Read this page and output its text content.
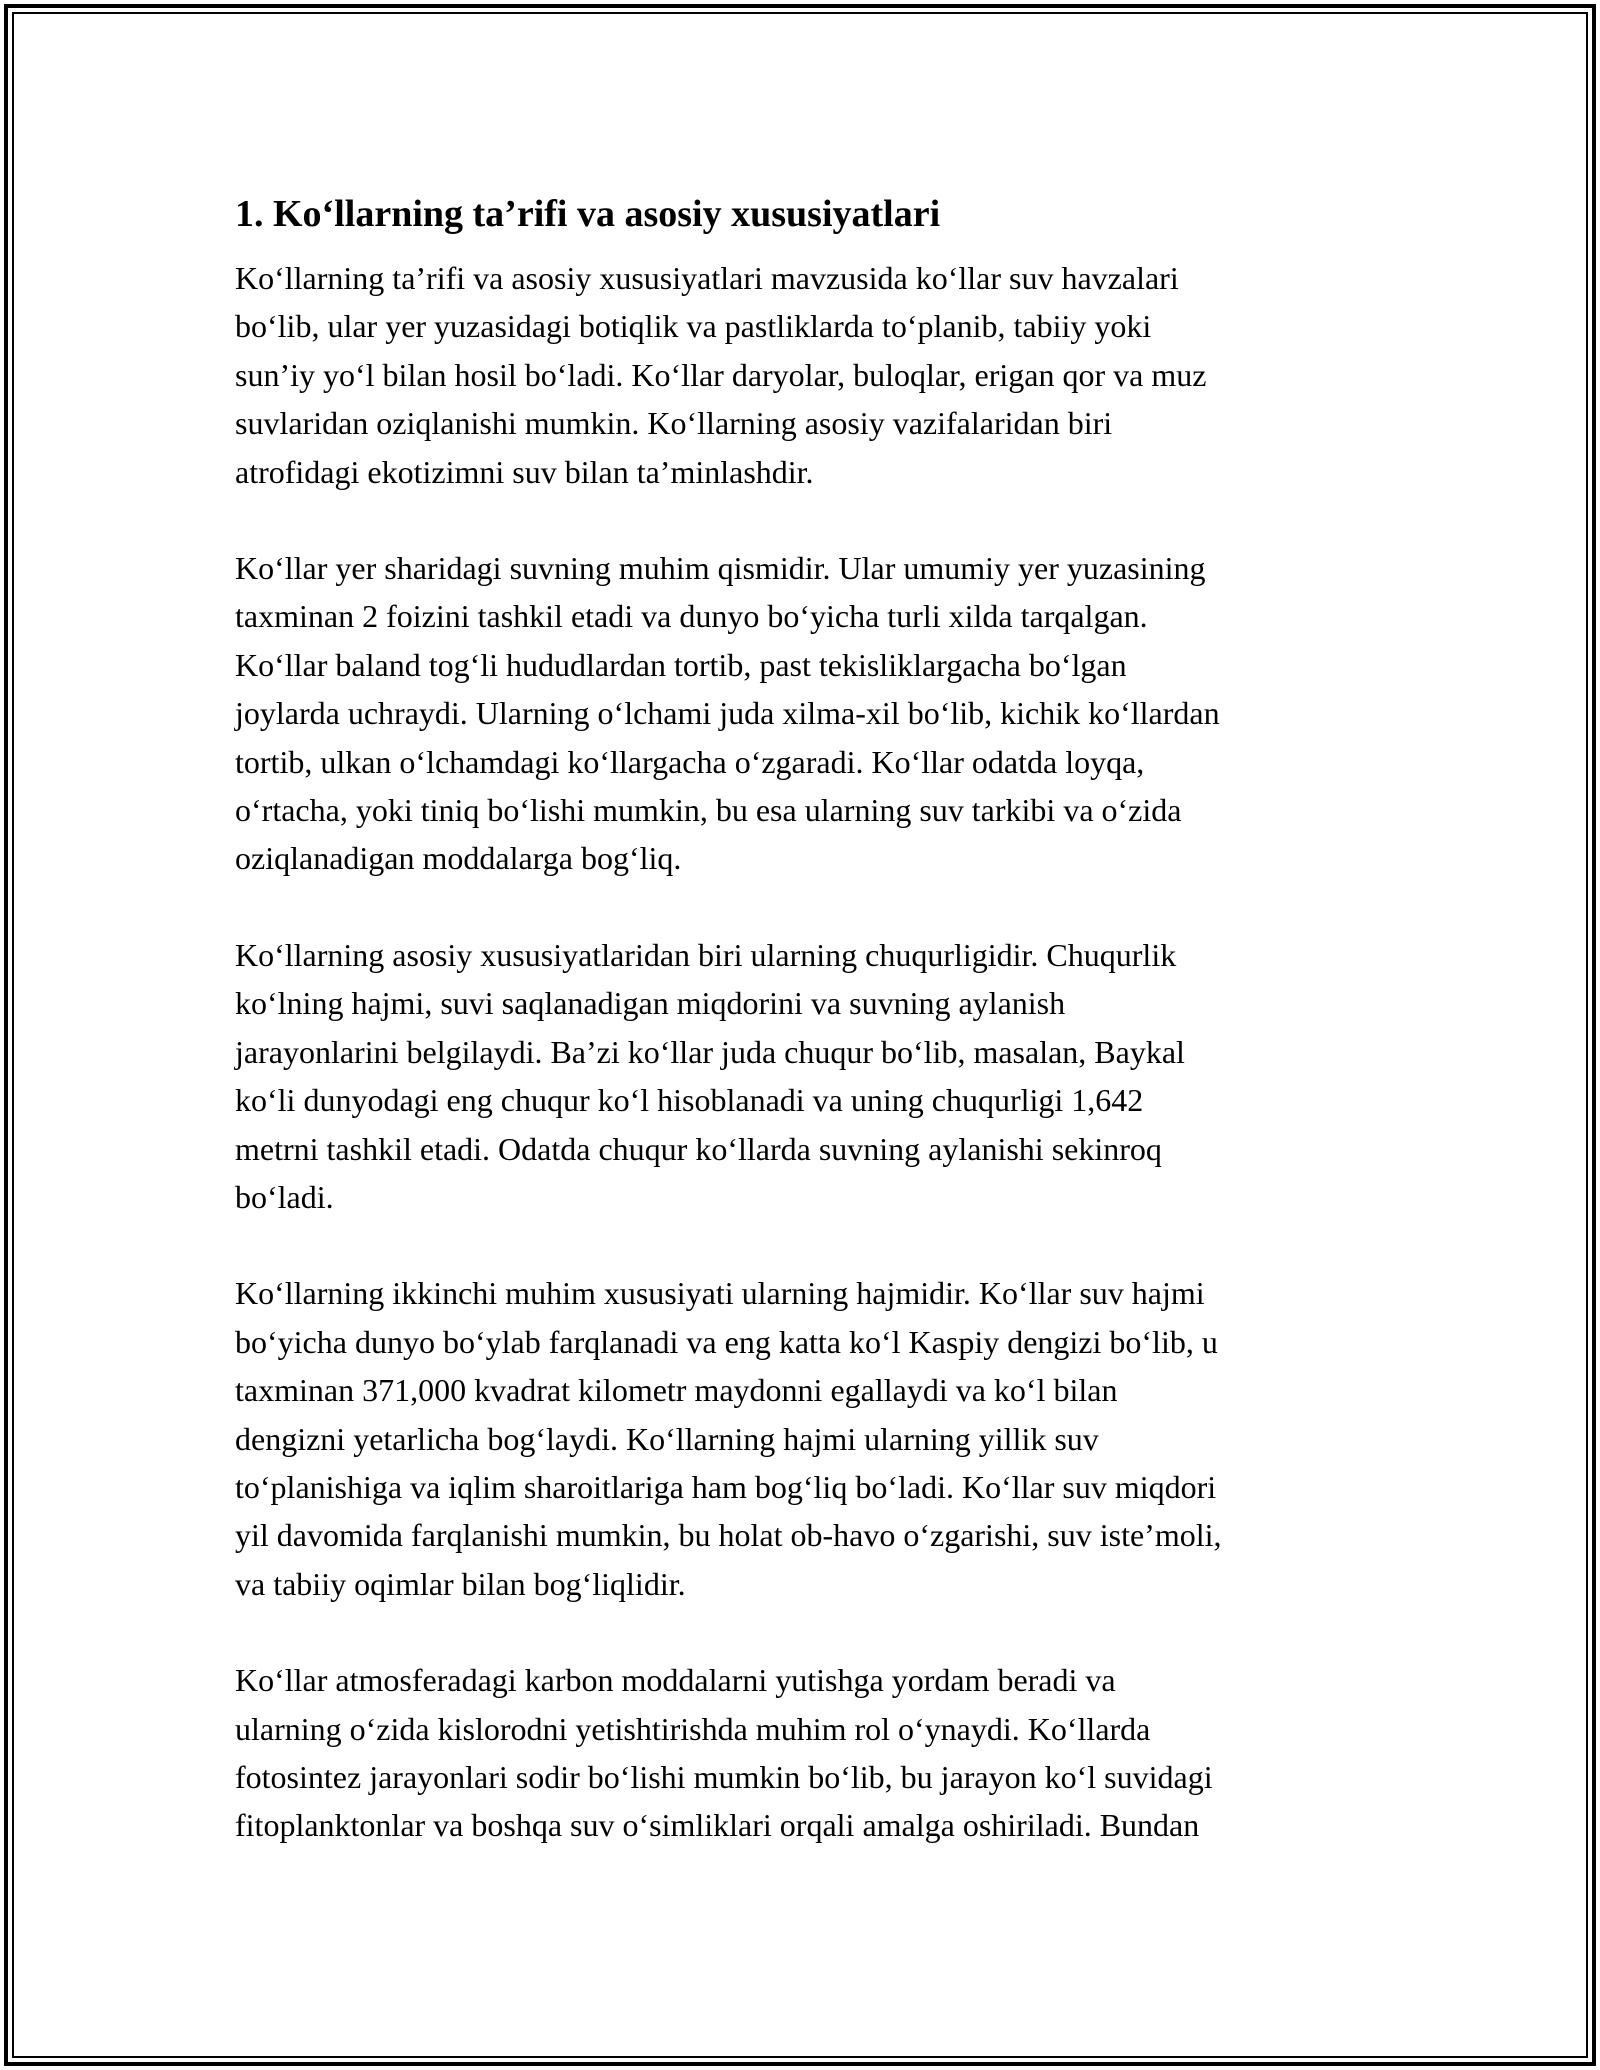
1. Ko‘llarning ta’rifi va asosiy xususiyatlari
Ko‘llarning ta’rifi va asosiy xususiyatlari mavzusida ko‘llar suv havzalari
bo‘lib, ular yer yuzasidagi botiqlik va pastliklarda to‘planib, tabiiy yoki
sun’iy yo‘l bilan hosil bo‘ladi. Ko‘llar daryolar, buloqlar, erigan qor va muz
suvlaridan oziqlanishi mumkin. Ko‘llarning asosiy vazifalaridan biri
atrofidagi ekotizimni suv bilan ta’minlashdir.
Ko‘llar yer sharidagi suvning muhim qismidir. Ular umumiy yer yuzasining
taxminan 2 foizini tashkil etadi va dunyo bo‘yicha turli xilda tarqalgan.
Ko‘llar baland tog‘li hududlardan tortib, past tekisliklargacha bo‘lgan
joylarda uchraydi. Ularning o‘lchami juda xilma-xil bo‘lib, kichik ko‘llardan
tortib, ulkan o‘lchamdagi ko‘llargacha o‘zgaradi. Ko‘llar odatda loyqa,
o‘rtacha, yoki tiniq bo‘lishi mumkin, bu esa ularning suv tarkibi va o‘zida
oziqlanadigan moddalarga bog‘liq.
Ko‘llarning asosiy xususiyatlaridan biri ularning chuqurligidir. Chuqurlik
ko‘lning hajmi, suvi saqlanadigan miqdorini va suvning aylanish
jarayonlarini belgilaydi. Ba’zi ko‘llar juda chuqur bo‘lib, masalan, Baykal
ko‘li dunyodagi eng chuqur ko‘l hisoblanadi va uning chuqurligi 1,642
metrni tashkil etadi. Odatda chuqur ko‘llarda suvning aylanishi sekinroq
bo‘ladi.
Ko‘llarning ikkinchi muhim xususiyati ularning hajmidir. Ko‘llar suv hajmi
bo‘yicha dunyo bo‘ylab farqlanadi va eng katta ko‘l Kaspiy dengizi bo‘lib, u
taxminan 371,000 kvadrat kilometr maydonni egallaydi va ko‘l bilan
dengizni yetarlicha bog‘laydi. Ko‘llarning hajmi ularning yillik suv
to‘planishiga va iqlim sharoitlariga ham bog‘liq bo‘ladi. Ko‘llar suv miqdori
yil davomida farqlanishi mumkin, bu holat ob-havo o‘zgarishi, suv iste’moli,
va tabiiy oqimlar bilan bog‘liqlidir.
Ko‘llar atmosferadagi karbon moddalarni yutishga yordam beradi va
ularning o‘zida kislorodni yetishtirishda muhim rol o‘ynaydi. Ko‘llarda
fotosintez jarayonlari sodir bo‘lishi mumkin bo‘lib, bu jarayon ko‘l suvidagi
fitoplanktonlar va boshqa suv o‘simliklari orqali amalga oshiriladi. Bundan
